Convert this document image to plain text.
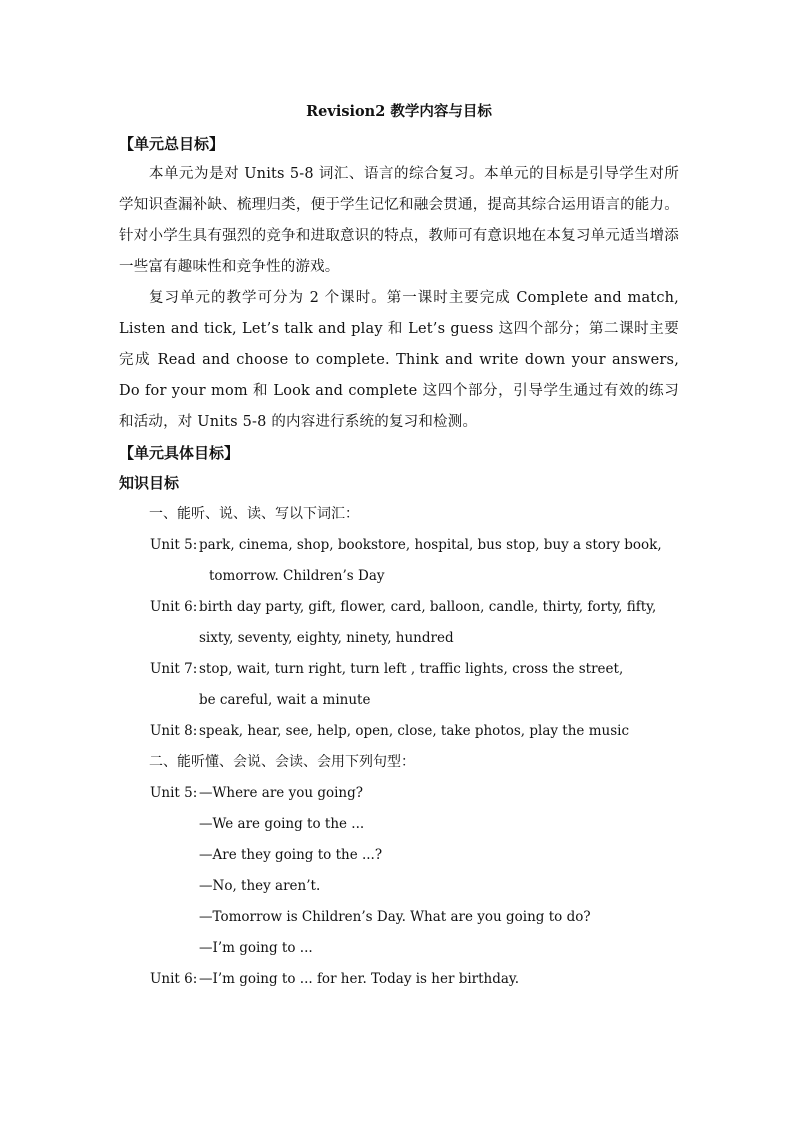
Revision2 教学内容与目标
【单元总目标】
本单元为是对 Units 5-8 词汇、语言的综合复习。本单元的目标是引导学生对所学知识查漏补缺、梳理归类，便于学生记忆和融会贯通，提高其综合运用语言的能力。针对小学生具有强烈的竞争和进取意识的特点，教师可有意识地在本复习单元适当增添一些富有趣味性和竞争性的游戏。
复习单元的教学可分为 2 个课时。第一课时主要完成 Complete and match, Listen and tick, Let’s talk and play 和 Let’s guess 这四个部分；第二课时主要完成 Read and choose to complete. Think and write down your answers, Do for your mom 和 Look and complete 这四个部分，引导学生通过有效的练习和活动，对 Units 5-8 的内容进行系统的复习和检测。
【单元具体目标】
知识目标
一、能听、说、读、写以下词汇：
Unit 5: park, cinema, shop, bookstore, hospital, bus stop, buy a story book,
tomorrow. Children’s Day
Unit 6: birth day party, gift, flower, card, balloon, candle, thirty, forty, fifty,
sixty, seventy, eighty, ninety, hundred
Unit 7: stop, wait, turn right, turn left , traffic lights, cross the street,
be careful, wait a minute
Unit 8: speak, hear, see, help, open, close, take photos, play the music
二、能听懂、会说、会读、会用下列句型：
Unit 5: —Where are you going?
—We are going to the ...
—Are they going to the ...?
—No, they aren’t.
—Tomorrow is Children’s Day. What are you going to do?
—I’m going to ...
Unit 6: —I’m going to ... for her. Today is her birthday.
